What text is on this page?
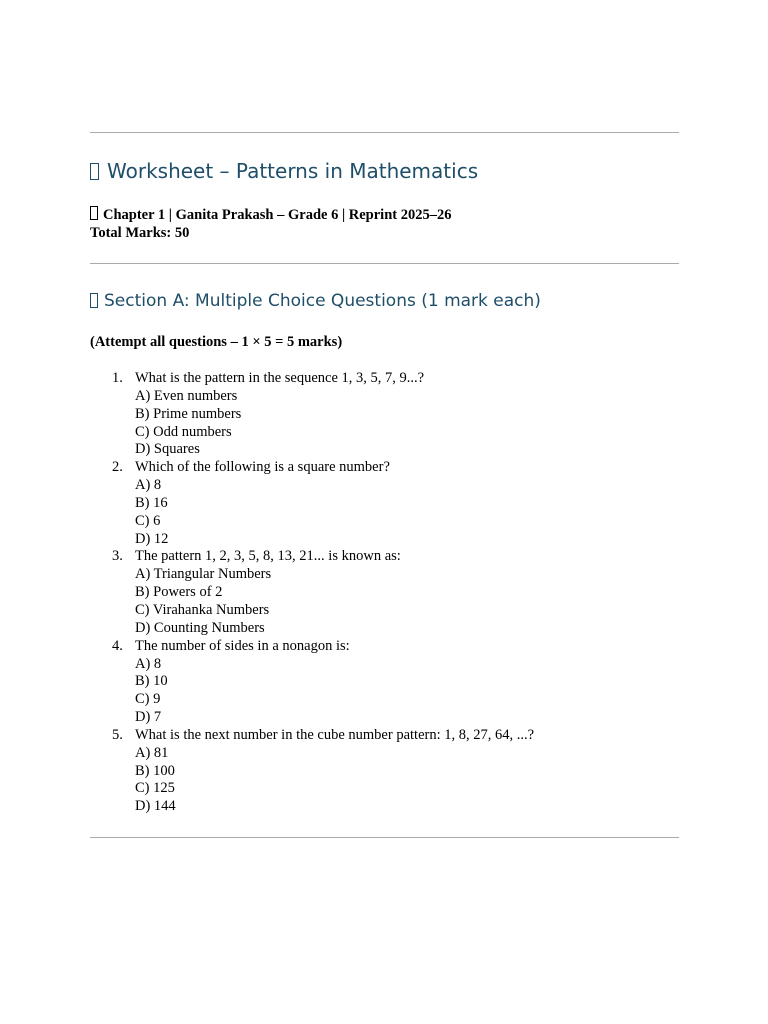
Worksheet – Patterns in Mathematics
Chapter 1 | Ganita Prakash – Grade 6 | Reprint 2025–26
Total Marks: 50
Section A: Multiple Choice Questions (1 mark each)
(Attempt all questions – 1 × 5 = 5 marks)
1. What is the pattern in the sequence 1, 3, 5, 7, 9...?
A) Even numbers
B) Prime numbers
C) Odd numbers
D) Squares
2. Which of the following is a square number?
A) 8
B) 16
C) 6
D) 12
3. The pattern 1, 2, 3, 5, 8, 13, 21... is known as:
A) Triangular Numbers
B) Powers of 2
C) Virahanka Numbers
D) Counting Numbers
4. The number of sides in a nonagon is:
A) 8
B) 10
C) 9
D) 7
5. What is the next number in the cube number pattern: 1, 8, 27, 64, ...?
A) 81
B) 100
C) 125
D) 144
